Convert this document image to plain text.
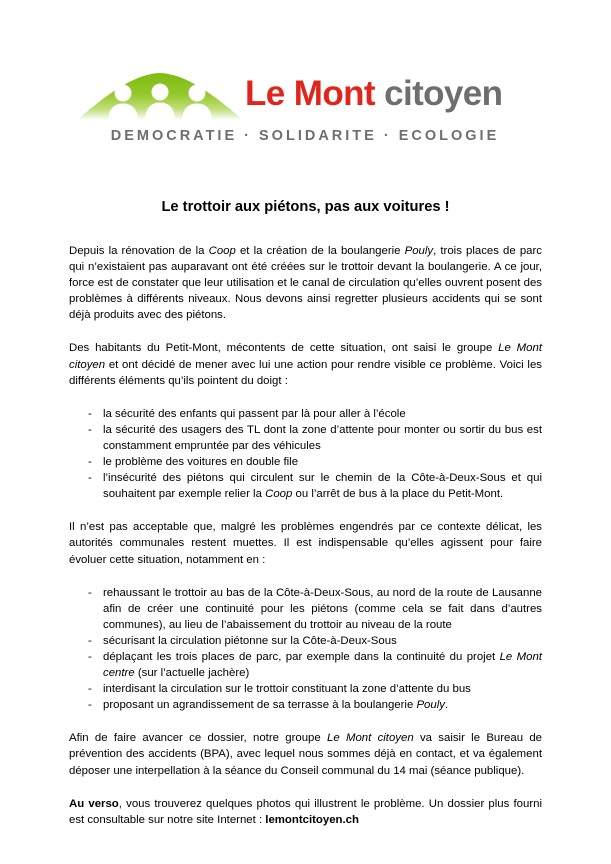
Le Mont citoyen
DEMOCRATIE · SOLIDARITE · ECOLOGIE
Le trottoir aux piétons, pas aux voitures !

Depuis la rénovation de la Coop et la création de la boulangerie Pouly, trois places de parc qui n’existaient pas auparavant ont été créées sur le trottoir devant la boulangerie. A ce jour, force est de constater que leur utilisation et le canal de circulation qu’elles ouvrent posent des problèmes à différents niveaux. Nous devons ainsi regretter plusieurs accidents qui se sont déjà produits avec des piétons.

Des habitants du Petit-Mont, mécontents de cette situation, ont saisi le groupe Le Mont citoyen et ont décidé de mener avec lui une action pour rendre visible ce problème. Voici les différents éléments qu’ils pointent du doigt :

- la sécurité des enfants qui passent par là pour aller à l’école
- la sécurité des usagers des TL dont la zone d’attente pour monter ou sortir du bus est constamment empruntée par des véhicules
- le problème des voitures en double file
- l’insécurité des piétons qui circulent sur le chemin de la Côte-à-Deux-Sous et qui souhaitent par exemple relier la Coop ou l’arrêt de bus à la place du Petit-Mont.

Il n’est pas acceptable que, malgré les problèmes engendrés par ce contexte délicat, les autorités communales restent muettes. Il est indispensable qu’elles agissent pour faire évoluer cette situation, notamment en :

- rehaussant le trottoir au bas de la Côte-à-Deux-Sous, au nord de la route de Lausanne afin de créer une continuité pour les piétons (comme cela se fait dans d’autres communes), au lieu de l’abaissement du trottoir au niveau de la route
- sécurisant la circulation piétonne sur la Côte-à-Deux-Sous
- déplaçant les trois places de parc, par exemple dans la continuité du projet Le Mont centre (sur l’actuelle jachère)
- interdisant la circulation sur le trottoir constituant la zone d’attente du bus
- proposant un agrandissement de sa terrasse à la boulangerie Pouly.

Afin de faire avancer ce dossier, notre groupe Le Mont citoyen va saisir le Bureau de prévention des accidents (BPA), avec lequel nous sommes déjà en contact, et va également déposer une interpellation à la séance du Conseil communal du 14 mai (séance publique).

Au verso, vous trouverez quelques photos qui illustrent le problème. Un dossier plus fourni est consultable sur notre site Internet : lemontcitoyen.ch
